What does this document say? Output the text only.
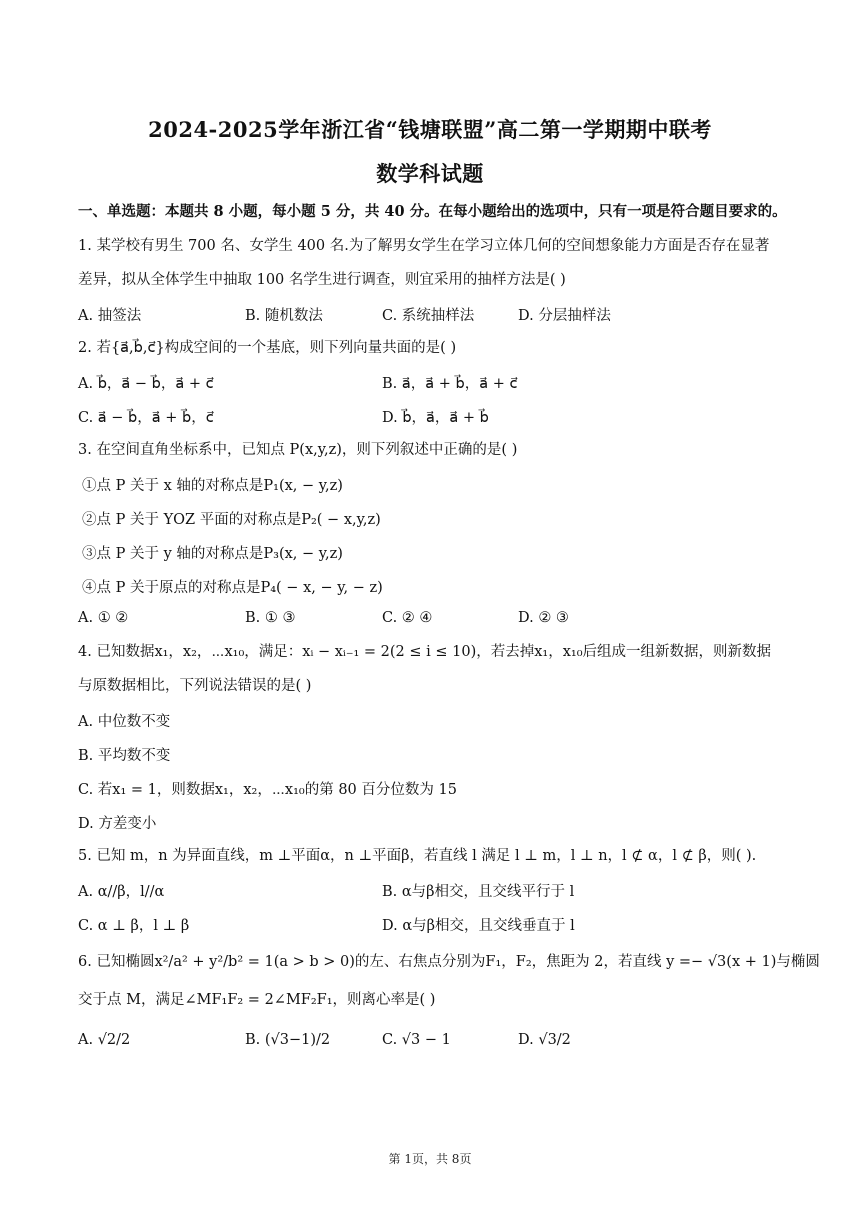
2024-2025学年浙江省“钱塘联盟”高二第一学期期中联考
数学科试题
一、单选题：本题共 8 小题，每小题 5 分，共 40 分。在每小题给出的选项中，只有一项是符合题目要求的。
1. 某学校有男生 700 名、女学生 400 名.为了解男女学生在学习立体几何的空间想象能力方面是否存在显著
差异，拟从全体学生中抽取 100 名学生进行调查，则宜采用的抽样方法是( )
A. 抽签法	B. 随机数法	C. 系统抽样法	D. 分层抽样法
2. 若{a⃗,b⃗,c⃗}构成空间的一个基底，则下列向量共面的是( )
A. b⃗，a⃗ − b⃗，a⃗ + c⃗	B. a⃗，a⃗ + b⃗，a⃗ + c⃗
C. a⃗ − b⃗，a⃗ + b⃗，c⃗	D. b⃗，a⃗，a⃗ + b⃗
3. 在空间直角坐标系中，已知点 P(x,y,z)，则下列叙述中正确的是( )
①点 P 关于 x 轴的对称点是P₁(x, − y,z)
②点 P 关于 YOZ 平面的对称点是P₂( − x,y,z)
③点 P 关于 y 轴的对称点是P₃(x, − y,z)
④点 P 关于原点的对称点是P₄( − x, − y, − z)
A. ① ②	B. ① ③	C. ② ④	D. ② ③
4. 已知数据x₁，x₂，⋯x₁₀，满足：xᵢ − xᵢ₋₁ = 2(2 ≤ i ≤ 10)，若去掉x₁，x₁₀后组成一组新数据，则新数据
与原数据相比，下列说法错误的是( )
A. 中位数不变
B. 平均数不变
C. 若x₁ = 1，则数据x₁，x₂，⋯x₁₀的第 80 百分位数为 15
D. 方差变小
5. 已知 m，n 为异面直线，m ⊥平面α，n ⊥平面β，若直线 l 满足 l ⊥ m，l ⊥ n，l ⊄ α，l ⊄ β，则( ).
A. α//β，l//α	B. α与β相交，且交线平行于 l
C. α ⊥ β，l ⊥ β	D. α与β相交，且交线垂直于 l
6. 已知椭圆x²/a² + y²/b² = 1(a > b > 0)的左、右焦点分别为F₁，F₂，焦距为 2，若直线 y =− √3(x + 1)与椭圆
交于点 M，满足∠MF₁F₂ = 2∠MF₂F₁，则离心率是( )
A. √2/2	B. (√3−1)/2	C. √3 − 1	D. √3/2
第 1页，共 8页
